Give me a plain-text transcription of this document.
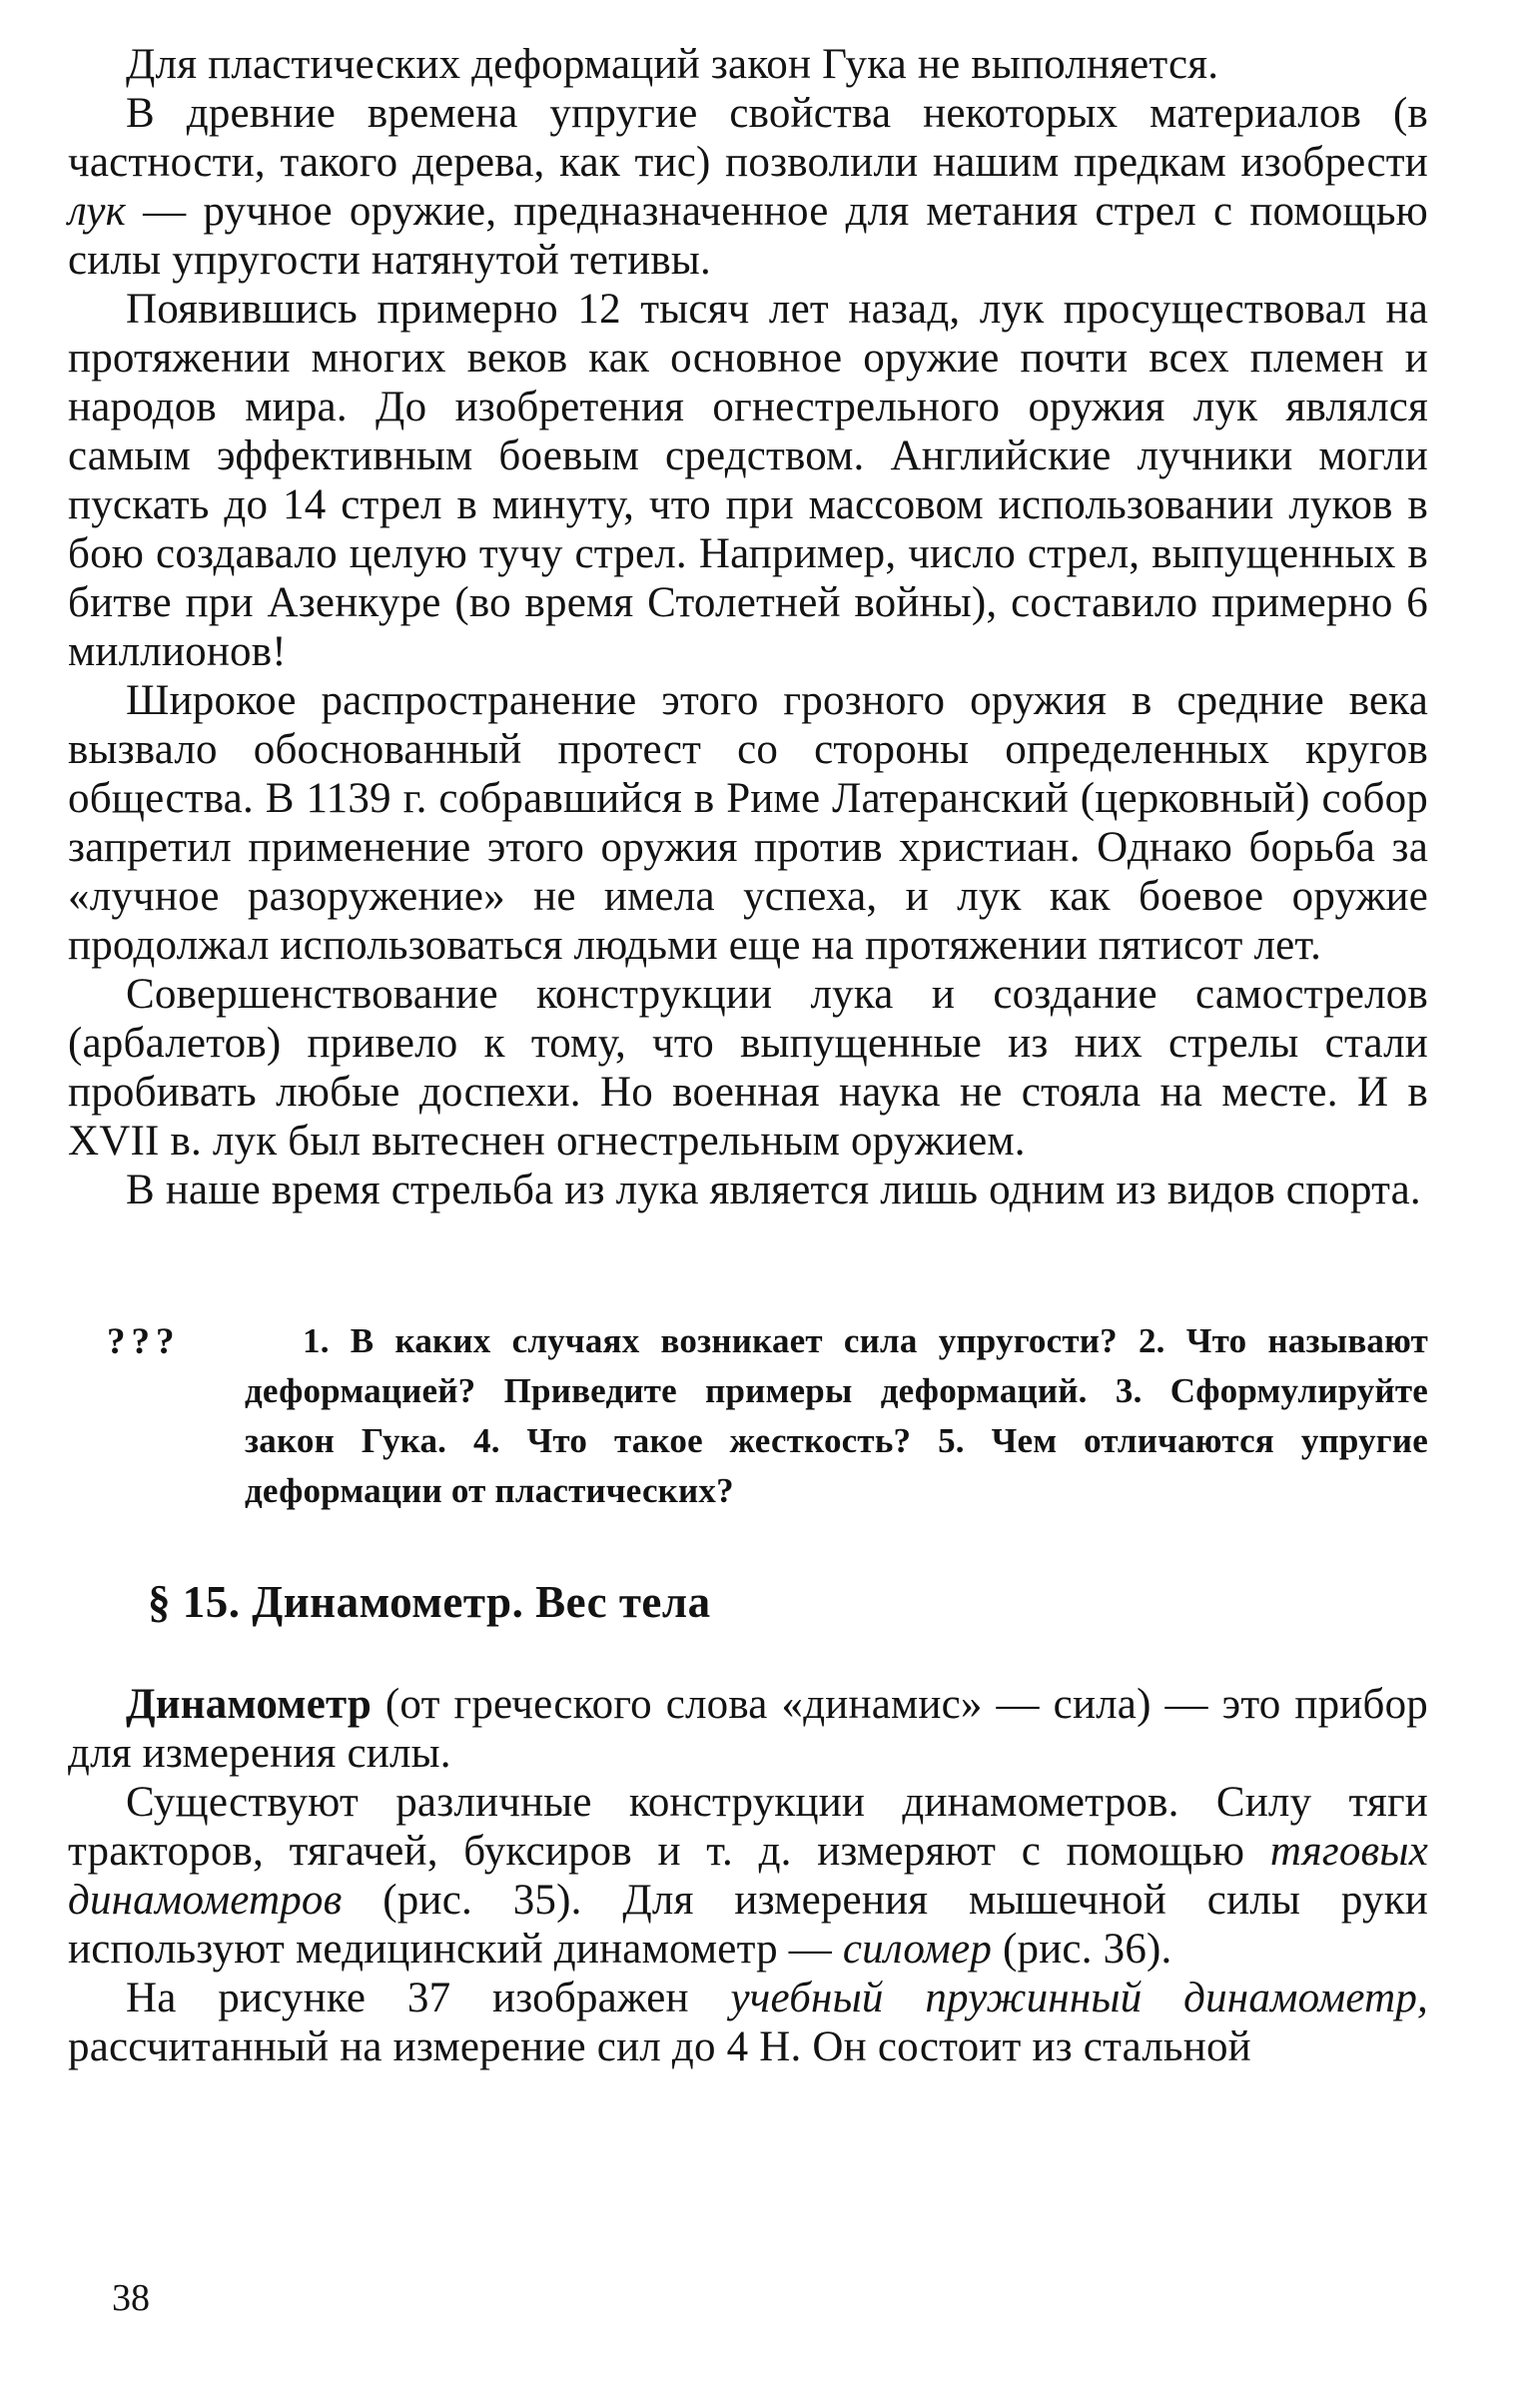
Для пластических деформаций закон Гука не выполняется.

В древние времена упругие свойства некоторых материалов (в частности, такого дерева, как тис) позволили нашим предкам изобрести лук — ручное оружие, предназначенное для метания стрел с помощью силы упругости натянутой тетивы.

Появившись примерно 12 тысяч лет назад, лук просуществовал на протяжении многих веков как основное оружие почти всех племен и народов мира. До изобретения огнестрельного оружия лук являлся самым эффективным боевым средством. Английские лучники могли пускать до 14 стрел в минуту, что при массовом использовании луков в бою создавало целую тучу стрел. Например, число стрел, выпущенных в битве при Азенкуре (во время Столетней войны), составило примерно 6 миллионов!

Широкое распространение этого грозного оружия в средние века вызвало обоснованный протест со стороны определенных кругов общества. В 1139 г. собравшийся в Риме Латеранский (церковный) собор запретил применение этого оружия против христиан. Однако борьба за «лучное разоружение» не имела успеха, и лук как боевое оружие продолжал использоваться людьми еще на протяжении пятисот лет.

Совершенствование конструкции лука и создание самострелов (арбалетов) привело к тому, что выпущенные из них стрелы стали пробивать любые доспехи. Но военная наука не стояла на месте. И в XVII в. лук был вытеснен огнестрельным оружием.

В наше время стрельба из лука является лишь одним из видов спорта.

???	1. В каких случаях возникает сила упругости? 2. Что называют деформацией? Приведите примеры деформаций. 3. Сформулируйте закон Гука. 4. Что такое жесткость? 5. Чем отличаются упругие деформации от пластических?

§ 15. Динамометр. Вес тела

Динамометр (от греческого слова «динамис» — сила) — это прибор для измерения силы.

Существуют различные конструкции динамометров. Силу тяги тракторов, тягачей, буксиров и т. д. измеряют с помощью тяговых динамометров (рис. 35). Для измерения мышечной силы руки используют медицинский динамометр — силомер (рис. 36).

На рисунке 37 изображен учебный пружинный динамометр, рассчитанный на измерение сил до 4 Н. Он состоит из стальной

38
